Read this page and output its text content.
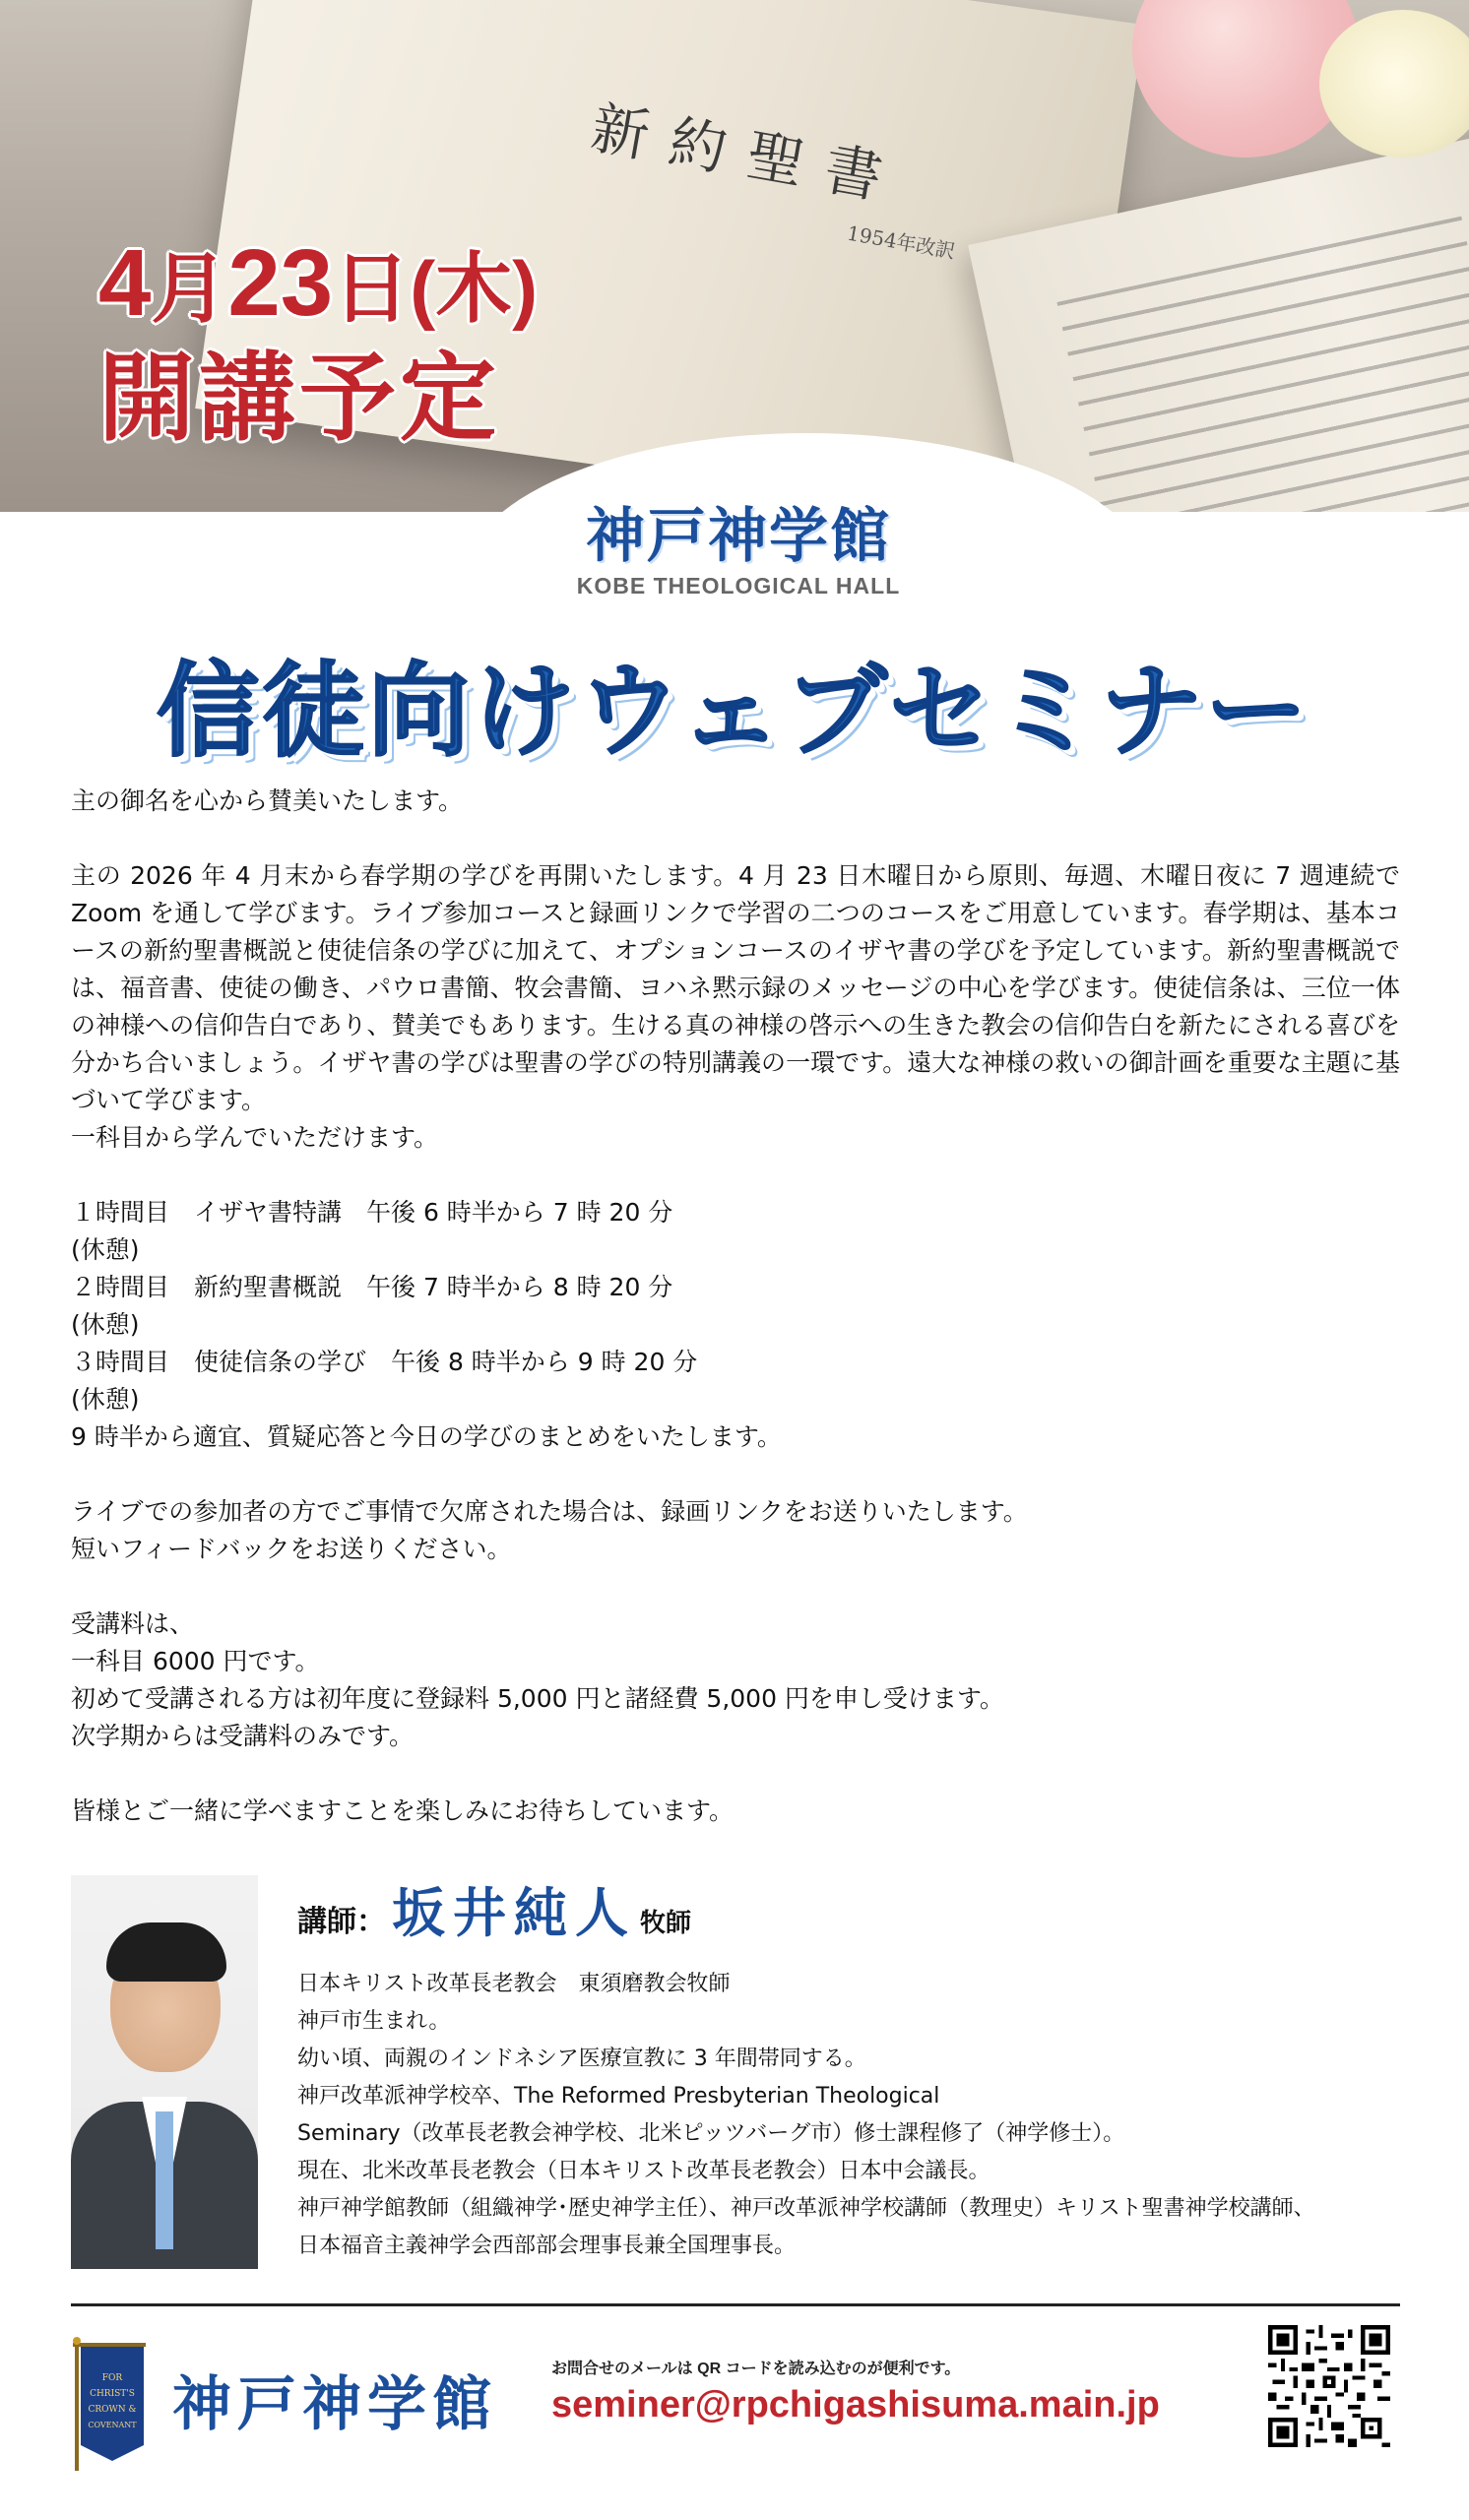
新約聖書
1954年改訳
4月23日(木)
開講予定
神戸神学館

KOBE THEOLOGICAL HALL

信徒向けウェブセミナー

主の御名を心から賛美いたします。

主の 2026 年 4 月末から春学期の学びを再開いたします。4 月 23 日木曜日から原則、毎週、木曜日夜に 7 週連続で Zoom を通して学びます。ライブ参加コースと録画リンクで学習の二つのコースをご用意しています。春学期は、基本コースの新約聖書概説と使徒信条の学びに加えて、オプションコースのイザヤ書の学びを予定しています。新約聖書概説では、福音書、使徒の働き、パウロ書簡、牧会書簡、ヨハネ黙示録のメッセージの中心を学びます。使徒信条は、三位一体の神様への信仰告白であり、賛美でもあります。生ける真の神様の啓示への生きた教会の信仰告白を新たにされる喜びを分かち合いましょう。イザヤ書の学びは聖書の学びの特別講義の一環です。遠大な神様の救いの御計画を重要な主題に基づいて学びます。

一科目から学んでいただけます。

１時間目　イザヤ書特講　午後 6 時半から 7 時 20 分

(休憩)

２時間目　新約聖書概説　午後 7 時半から 8 時 20 分

(休憩)

３時間目　使徒信条の学び　午後 8 時半から 9 時 20 分

(休憩)

9 時半から適宜、質疑応答と今日の学びのまとめをいたします。

ライブでの参加者の方でご事情で欠席された場合は、録画リンクをお送りいたします。

短いフィードバックをお送りください。

受講料は、

一科目 6000 円です。

初めて受講される方は初年度に登録料 5,000 円と諸経費 5,000 円を申し受けます。

次学期からは受講料のみです。

皆様とご一緒に学べますことを楽しみにお待ちしています。

講師： 坂井純人 牧師

日本キリスト改革長老教会　東須磨教会牧師

神戸市生まれ。

幼い頃、両親のインドネシア医療宣教に 3 年間帯同する。

神戸改革派神学校卒、The Reformed Presbyterian Theological

Seminary（改革長老教会神学校、北米ピッツバーグ市）修士課程修了（神学修士）。

現在、北米改革長老教会（日本キリスト改革長老教会）日本中会議長。

神戸神学館教師（組織神学･歴史神学主任）、神戸改革派神学校講師（教理史）キリスト聖書神学校講師、

日本福音主義神学会西部部会理事長兼全国理事長。

FOR
CHRIST'S
CROWN &
COVENANT 神戸神学館

お問合せのメールは QR コードを読み込むのが便利です。

seminer@rpchigashisuma.main.jp
